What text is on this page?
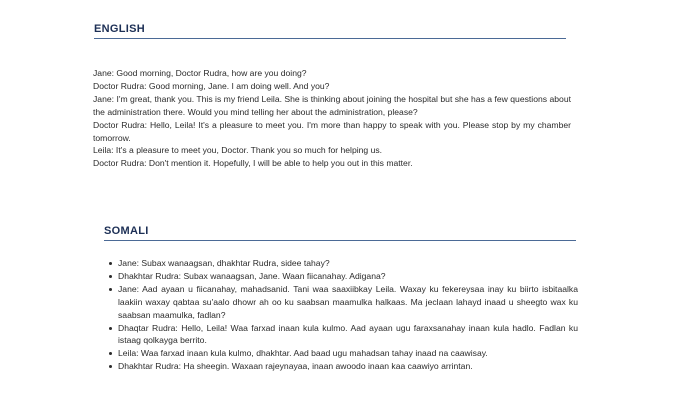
ENGLISH

Jane: Good morning, Doctor Rudra, how are you doing?

Doctor Rudra: Good morning, Jane. I am doing well. And you?

Jane: I'm great, thank you. This is my friend Leila. She is thinking about joining the hospital but she has a few questions about the administration there. Would you mind telling her about the administration, please?

Doctor Rudra: Hello, Leila! It's a pleasure to meet you. I'm more than happy to speak with you. Please stop by my chamber tomorrow.

Leila: It's a pleasure to meet you, Doctor. Thank you so much for helping us.

Doctor Rudra: Don't mention it. Hopefully, I will be able to help you out in this matter.

SOMALI
Jane: Subax wanaagsan, dhakhtar Rudra, sidee tahay?
Dhakhtar Rudra: Subax wanaagsan, Jane. Waan fiicanahay. Adigana?
Jane: Aad ayaan u fiicanahay, mahadsanid. Tani waa saaxiibkay Leila. Waxay ku fekereysaa inay ku biirto isbitaalka laakiin waxay qabtaa su'aalo dhowr ah oo ku saabsan maamulka halkaas. Ma jeclaan lahayd inaad u sheegto wax ku saabsan maamulka, fadlan?
Dhaqtar Rudra: Hello, Leila! Waa farxad inaan kula kulmo. Aad ayaan ugu faraxsanahay inaan kula hadlo. Fadlan ku istaag qolkayga berrito.
Leila: Waa farxad inaan kula kulmo, dhakhtar. Aad baad ugu mahadsan tahay inaad na caawisay.
Dhakhtar Rudra: Ha sheegin. Waxaan rajeynayaa, inaan awoodo inaan kaa caawiyo arrintan.
